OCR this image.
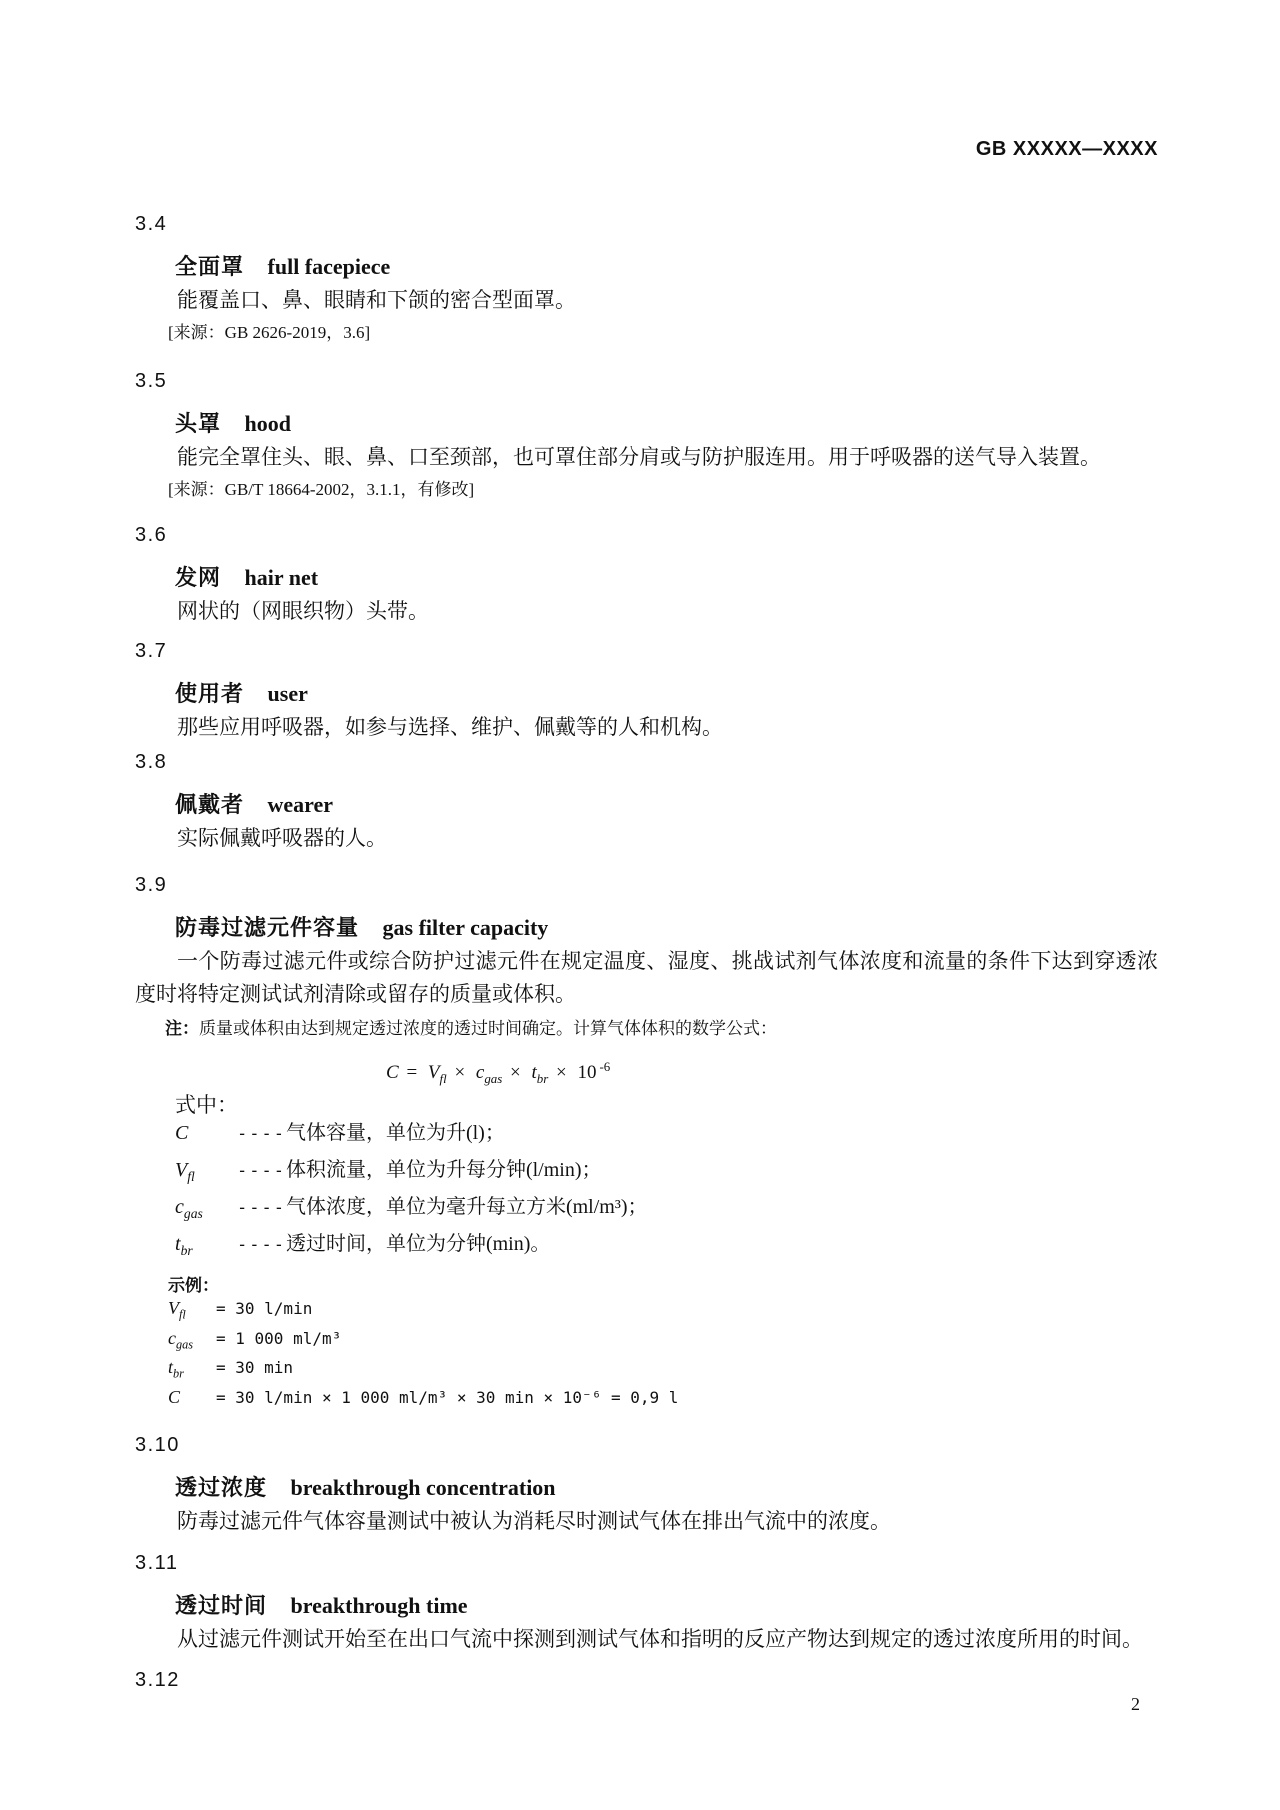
GB XXXXX—XXXX
3.4
全面罩 full facepiece

能覆盖口、鼻、眼睛和下颌的密合型面罩。

[来源：GB 2626-2019，3.6]
3.5
头罩 hood

能完全罩住头、眼、鼻、口至颈部，也可罩住部分肩或与防护服连用。用于呼吸器的送气导入装置。

[来源：GB/T 18664-2002，3.1.1，有修改]
3.6
发网 hair net

网状的（网眼织物）头带。

3.7
使用者 user

那些应用呼吸器，如参与选择、维护、佩戴等的人和机构。

3.8
佩戴者 wearer

实际佩戴呼吸器的人。

3.9
防毒过滤元件容量 gas filter capacity

一个防毒过滤元件或综合防护过滤元件在规定温度、湿度、挑战试剂气体浓度和流量的条件下达到穿透浓度时将特定测试试剂清除或留存的质量或体积。

注：质量或体积由达到规定透过浓度的透过时间确定。计算气体体积的数学公式：
$C = V_{fl} \times c_{gas} \times t_{br} \times 10$ $^{-6}$
式中：
C	----气体容量，单位为升(l)；
$V_{fl}$ ----体积流量，单位为升每分钟(l/min)；
$c_{gas}$ ----气体浓度，单位为毫升每立方米(ml/m³)；
$t_{br}$	----透过时间，单位为分钟(min)。
示例：
$V_{fl} = 30$ l/min
$c_{gas} = 1$ 000 ml/m³
$t_{br} = 30$ min
C = 30 l/min × 1 000 ml/m³ × 30 min × 10⁻⁶ = 0,9 l
3.10
透过浓度 breakthrough concentration

防毒过滤元件气体容量测试中被认为消耗尽时测试气体在排出气流中的浓度。

3.11
透过时间 breakthrough time

从过滤元件测试开始至在出口气流中探测到测试气体和指明的反应产物达到规定的透过浓度所用的时间。

3.12
2
